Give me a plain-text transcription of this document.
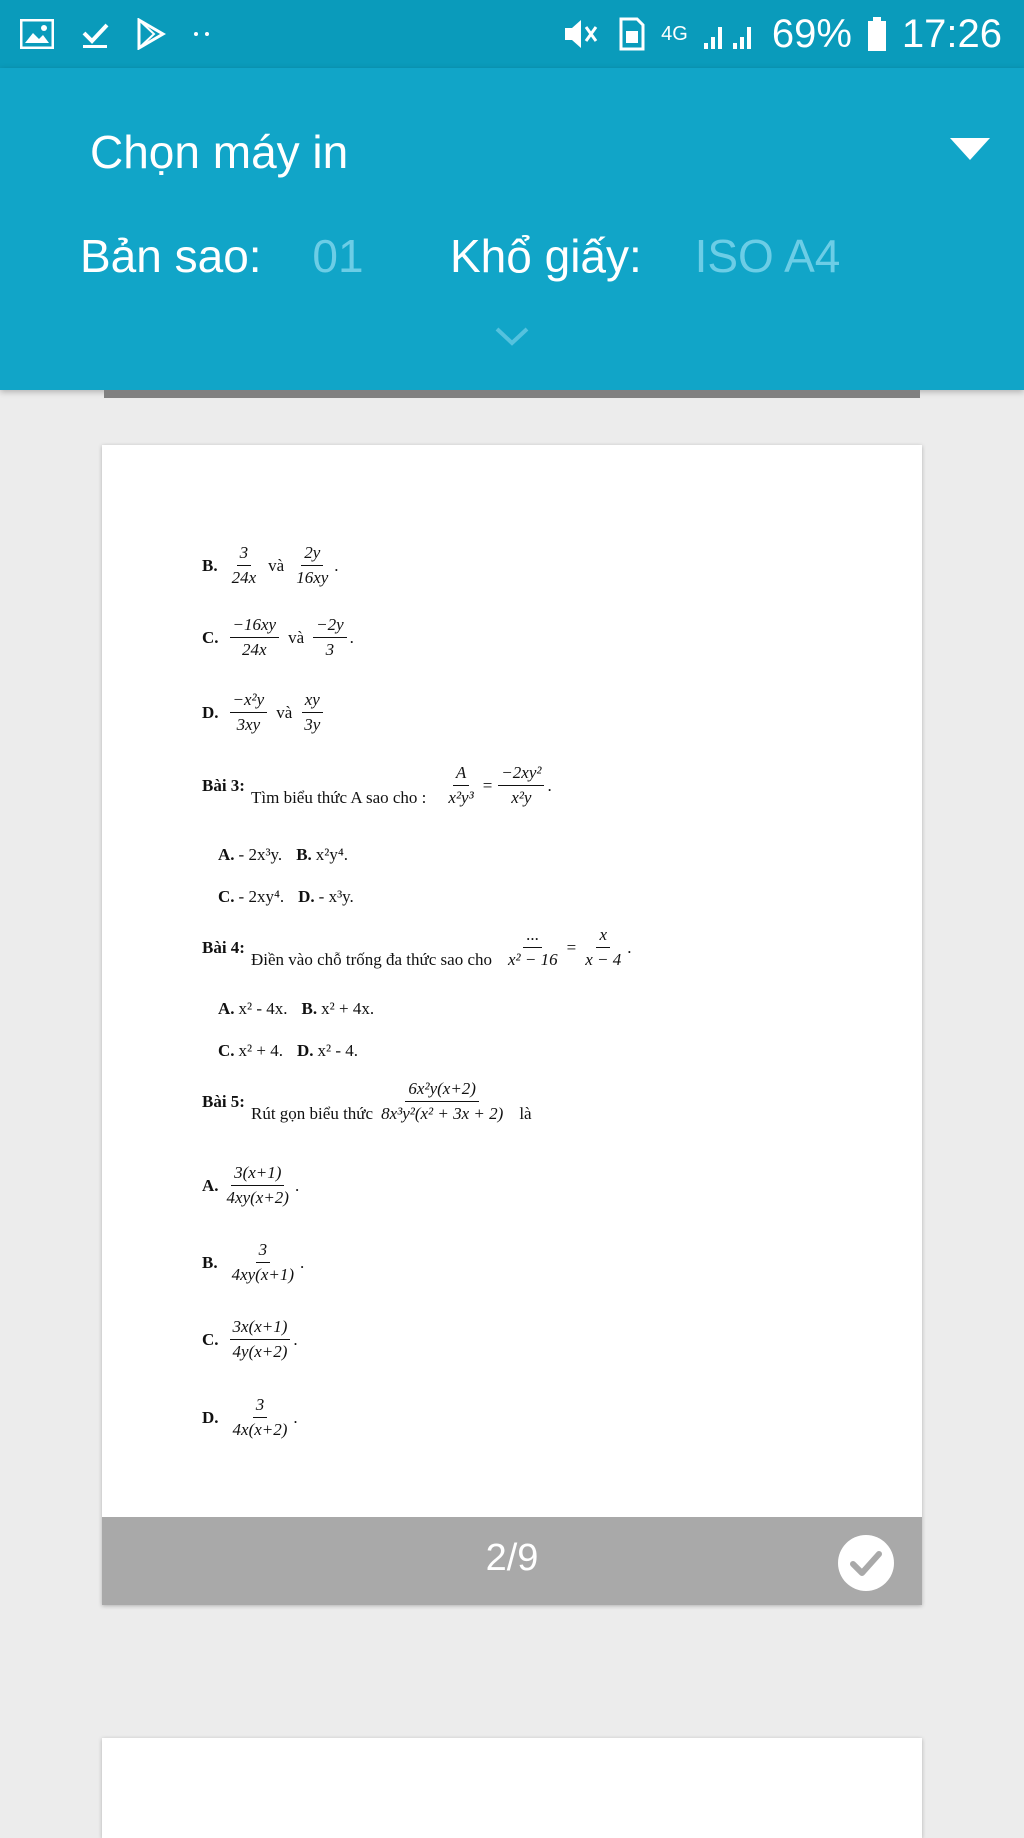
4G 69% 17:26
Chọn máy in
Bản sao: 01 Khổ giấy: ISO A4
B. $\frac{3}{24x}$ và $\frac{2y}{16xy}$ .
C. $\frac{-16xy}{24x}$ và $\frac{-2y}{3}$ .
D. $\frac{\text{−x²y}}{3xy}$ và $\frac{xy}{3y}$
Bài 3:
Tìm biểu thức A sao cho : $\frac{A}{\text{x²y³}} = \frac{\text{−2xy²}}{\text{x²y}}$ .
A. - 2x³y. B. x²y⁴.
C. - 2xy⁴. D. - x³y.
Bài 4:
Điền vào chỗ trống đa thức sao cho $\frac{...}{\text{x² − 16}} = \frac{x}{x - 4}$ .
A. x² - 4x. B. x² + 4x.
C. x² + 4. D. x² - 4.
Bài 5:
Rút gọn biểu thức $\frac{\text{6x²y(x+2)}}{\text{8x³y²(x² + 3x + 2)}}$ là
A. $\frac{3(x+1)}{4xy(x+2)}$ .
B. $\frac{3}{4xy(x+1)}$ .
C. $\frac{3x(x+1)}{4y(x+2)}$ .
D. $\frac{3}{4x(x+2)}$ .
2/9
